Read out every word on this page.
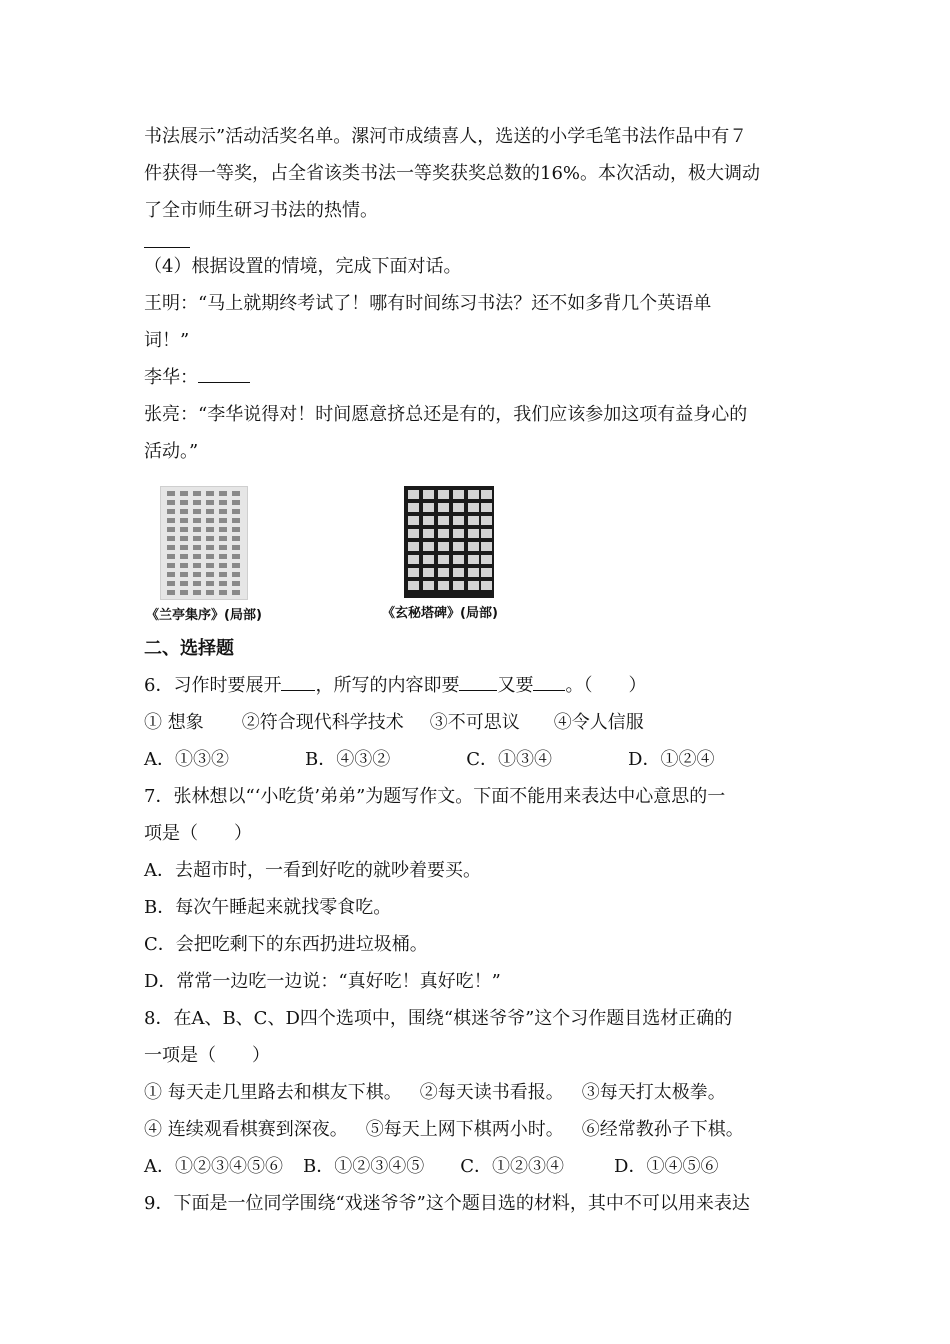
书法展示”活动活奖名单。漯河市成绩喜人，选送的小学毛笔书法作品中有７
件获得一等奖，占全省该类书法一等奖获奖总数的16%。本次活动，极大调动
了全市师生研习书法的热情。
（4）根据设置的情境，完成下面对话。
王明：“马上就期终考试了！哪有时间练习书法？还不如多背几个英语单
词！”
李华：
张亮：“李华说得对！时间愿意挤总还是有的，我们应该参加这项有益身心的
活动。”
《兰亭集序》(局部)	《玄秘塔碑》(局部)
二、选择题
6．习作时要展开 ，所写的内容即要 又要 。（　　）
① 想象 ②符合现代科学技术 ③不可思议 ④令人信服
A．①③②	B．④③②	C．①③④	D．①②④
7．张林想以“‘小吃货’弟弟”为题写作文。下面不能用来表达中心意思的一
项是（　　）
A．去超市时，一看到好吃的就吵着要买。
B．每次午睡起来就找零食吃。
C．会把吃剩下的东西扔进垃圾桶。
D．常常一边吃一边说：“真好吃！真好吃！”
8．在A、B、C、D四个选项中，围绕“棋迷爷爷”这个习作题目选材正确的
一项是（　　）
① 每天走几里路去和棋友下棋。 ②每天读书看报。 ③每天打太极拳。
④ 连续观看棋赛到深夜。 ⑤每天上网下棋两小时。 ⑥经常教孙子下棋。
A．①②③④⑤⑥ B．①②③④⑤ C．①②③④	D．①④⑤⑥
9．下面是一位同学围绕“戏迷爷爷”这个题目选的材料，其中不可以用来表达
